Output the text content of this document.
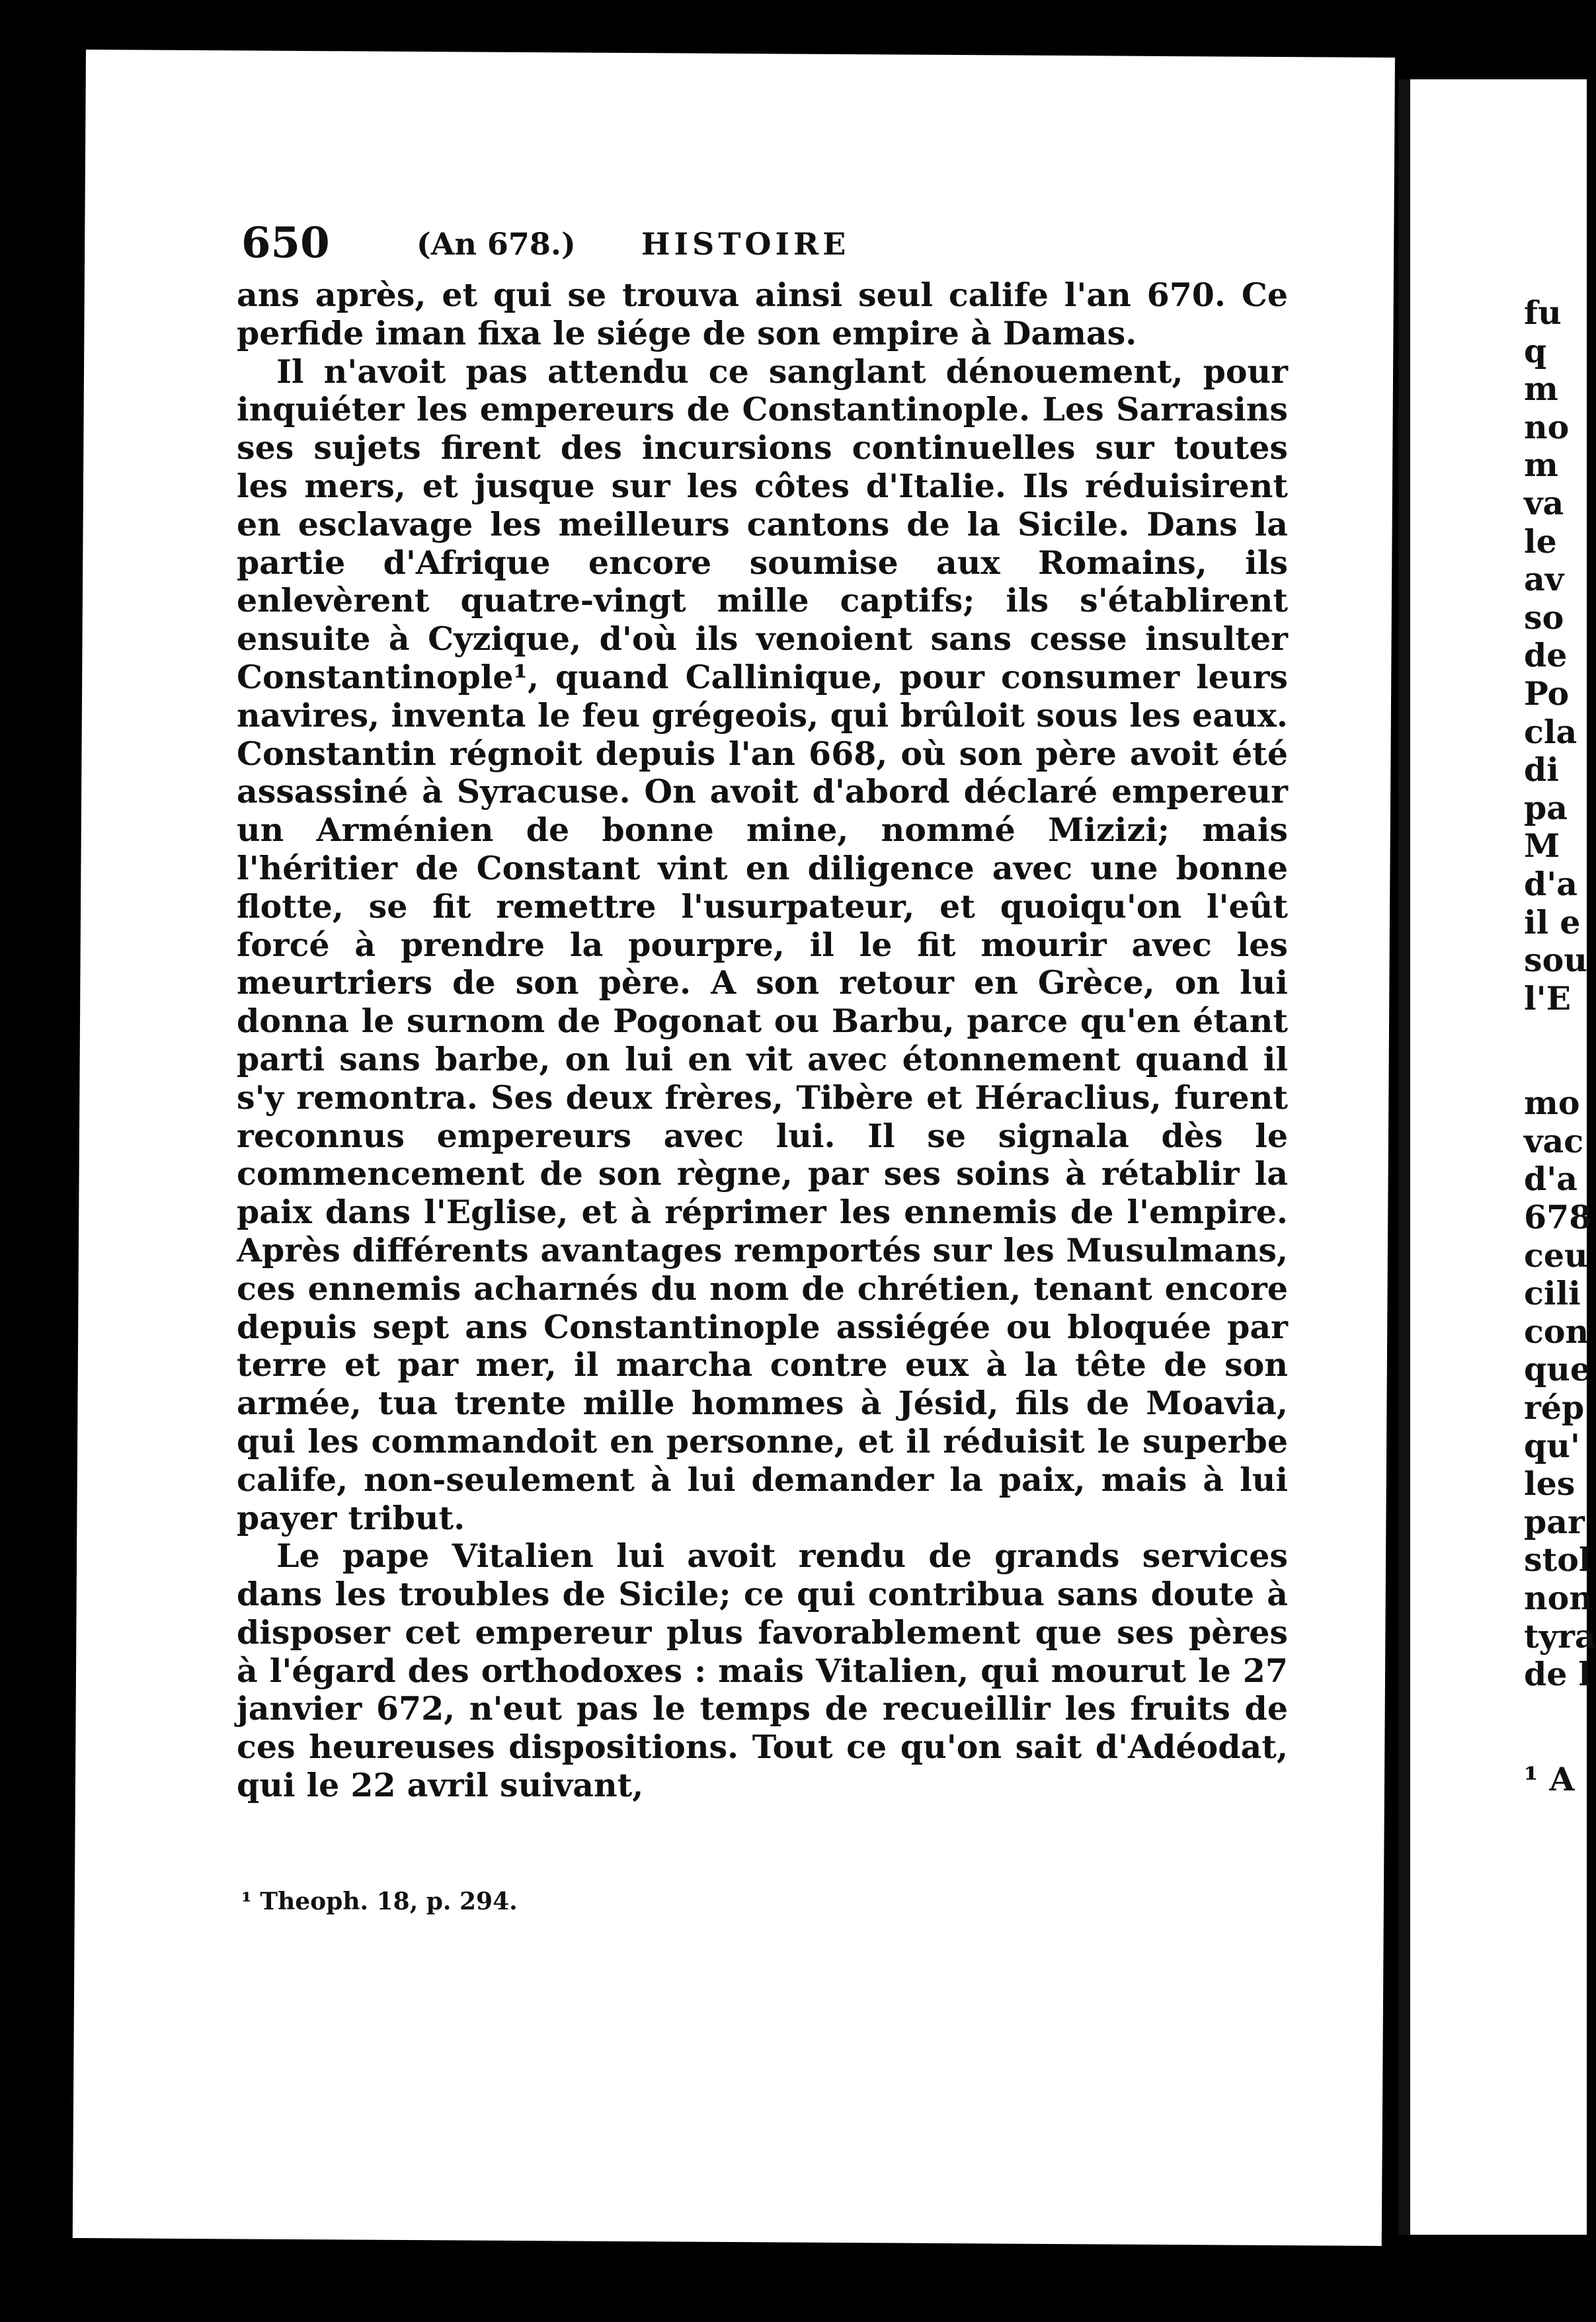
650	(An 678.) HISTOIRE

ans après, et qui se trouva ainsi seul calife l'an 670. Ce perfide iman fixa le siége de son empire à Damas.

Il n'avoit pas attendu ce sanglant dénouement, pour inquiéter les empereurs de Constantinople. Les Sarrasins ses sujets firent des incursions continuelles sur toutes les mers, et jusque sur les côtes d'Italie. Ils réduisirent en esclavage les meilleurs cantons de la Sicile. Dans la partie d'Afrique encore soumise aux Romains, ils enlevèrent quatre-vingt mille captifs; ils s'établirent ensuite à Cyzique, d'où ils venoient sans cesse insulter Constantinople¹, quand Callinique, pour consumer leurs navires, inventa le feu grégeois, qui brûloit sous les eaux. Constantin régnoit depuis l'an 668, où son père avoit été assassiné à Syracuse. On avoit d'abord déclaré empereur un Arménien de bonne mine, nommé Mizizi; mais l'héritier de Constant vint en diligence avec une bonne flotte, se fit remettre l'usurpateur, et quoiqu'on l'eût forcé à prendre la pourpre, il le fit mourir avec les meurtriers de son père. A son retour en Grèce, on lui donna le surnom de Pogonat ou Barbu, parce qu'en étant parti sans barbe, on lui en vit avec étonnement quand il s'y remontra. Ses deux frères, Tibère et Héraclius, furent reconnus empereurs avec lui. Il se signala dès le commencement de son règne, par ses soins à rétablir la paix dans l'Eglise, et à réprimer les ennemis de l'empire. Après différents avantages remportés sur les Musulmans, ces ennemis acharnés du nom de chrétien, tenant encore depuis sept ans Constantinople assiégée ou bloquée par terre et par mer, il marcha contre eux à la tête de son armée, tua trente mille hommes à Jésid, fils de Moavia, qui les commandoit en personne, et il réduisit le superbe calife, non-seulement à lui demander la paix, mais à lui payer tribut.

Le pape Vitalien lui avoit rendu de grands services dans les troubles de Sicile; ce qui contribua sans doute à disposer cet empereur plus favorablement que ses pères à l'égard des orthodoxes : mais Vitalien, qui mourut le 27 janvier 672, n'eut pas le temps de recueillir les fruits de ces heureuses dispositions. Tout ce qu'on sait d'Adéodat, qui le 22 avril suivant,

¹ Theoph. 18, p. 294.
fu
q
m
no
m
va
le
av
so
de
Po
cla
di
pa
M
d'a
il e
sou
l'E
mo
vac
d'a
678
ceu
cili
con
que
rép
qu'
les
par
stol
non
tyra
de l
¹ A
